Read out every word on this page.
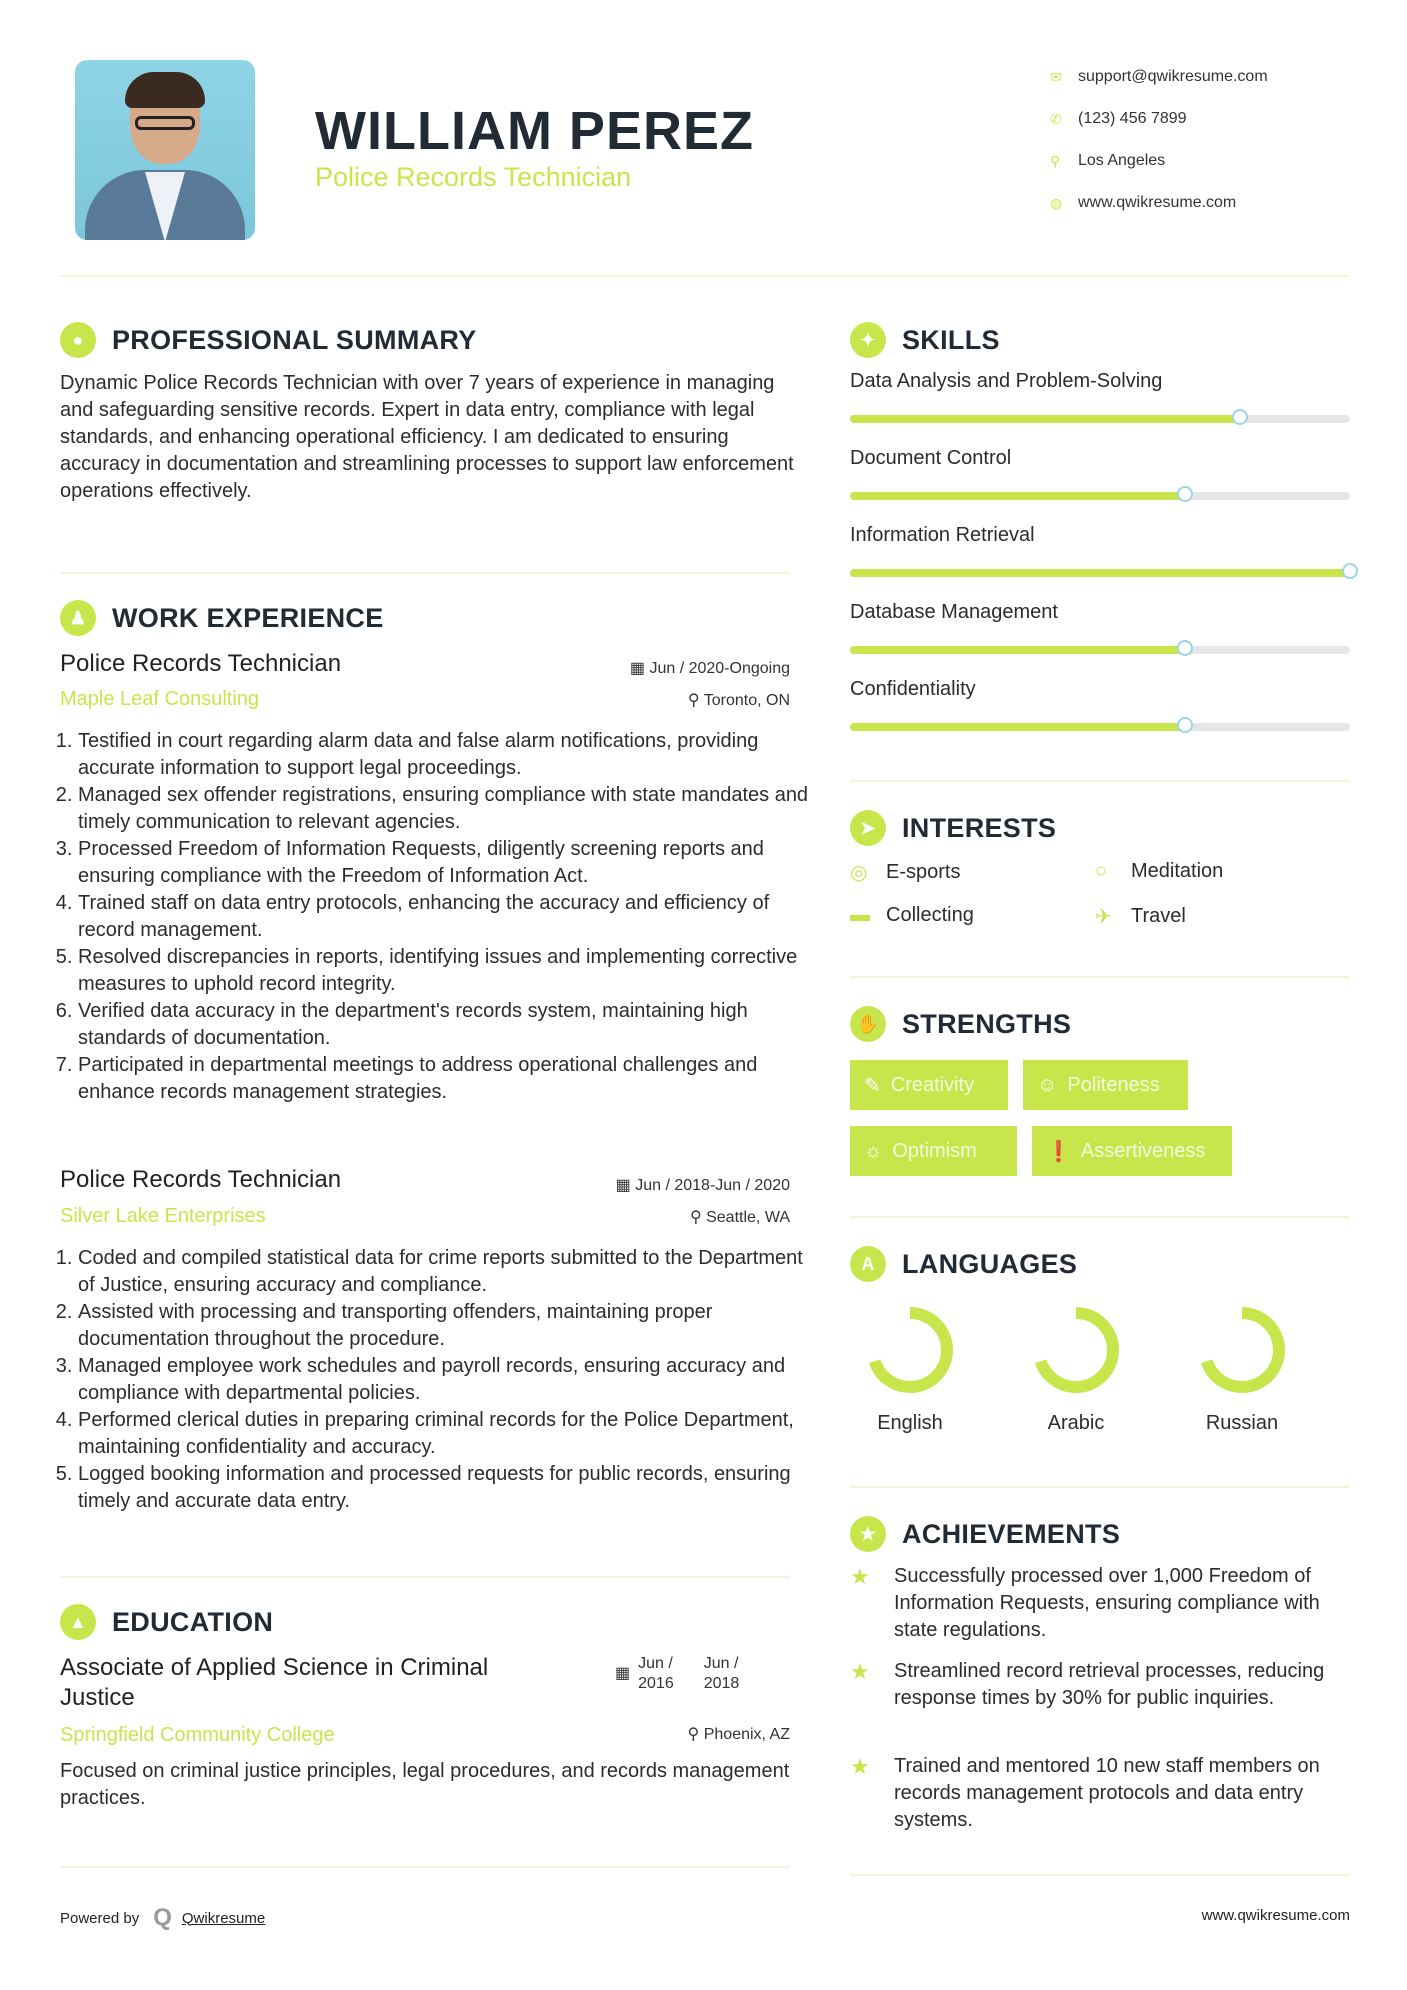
WILLIAM PEREZ
Police Records Technician
✉	support@qwikresume.com
✆	(123) 456 7899
⚲	Los Angeles
◍ www.qwikresume.com
●	PROFESSIONAL SUMMARY
Dynamic Police Records Technician with over 7 years of experience in managing and safeguarding sensitive records. Expert in data entry, compliance with legal standards, and enhancing operational efficiency. I am dedicated to ensuring accuracy in documentation and streamlining processes to support law enforcement operations effectively.
♟ WORK EXPERIENCE
Police Records Technician
Maple Leaf Consulting
▦ Jun / 2020-Ongoing
⚲ Toronto, ON
1. Testified in court regarding alarm data and false alarm notifications, providing accurate information to support legal proceedings.
2. Managed sex offender registrations, ensuring compliance with state mandates and timely communication to relevant agencies.
3. Processed Freedom of Information Requests, diligently screening reports and ensuring compliance with the Freedom of Information Act.
4. Trained staff on data entry protocols, enhancing the accuracy and efficiency of record management.
5. Resolved discrepancies in reports, identifying issues and implementing corrective measures to uphold record integrity.
6. Verified data accuracy in the department's records system, maintaining high standards of documentation.
7. Participated in departmental meetings to address operational challenges and enhance records management strategies.
Police Records Technician
Silver Lake Enterprises
▦ Jun / 2018-Jun / 2020
⚲ Seattle, WA
1. Coded and compiled statistical data for crime reports submitted to the Department of Justice, ensuring accuracy and compliance.
2. Assisted with processing and transporting offenders, maintaining proper documentation throughout the procedure.
3. Managed employee work schedules and payroll records, ensuring accuracy and compliance with departmental policies.
4. Performed clerical duties in preparing criminal records for the Police Department, maintaining confidentiality and accuracy.
5. Logged booking information and processed requests for public records, ensuring timely and accurate data entry.
▲ EDUCATION
Associate of Applied Science in Criminal
Justice
Springfield Community College
▦
Jun /
2016
Jun /
2018
⚲ Phoenix, AZ
Focused on criminal justice principles, legal procedures, and records management practices.
✦ SKILLS
Data Analysis and Problem-Solving
Document Control
Information Retrieval
Database Management
Confidentiality
➤ INTERESTS
◎ E-sports	○	Meditation
▬ Collecting	✈ Travel
✋ STRENGTHS
✎ Creativity	☺ Politeness
☼ Optimism	❗ Assertiveness
A	LANGUAGES
English	Arabic	Russian
★ ACHIEVEMENTS
★	Successfully processed over 1,000 Freedom of Information Requests, ensuring compliance with state regulations.
★	Streamlined record retrieval processes, reducing response times by 30% for public inquiries.
★	Trained and mentored 10 new staff members on records management protocols and data entry systems.
Powered by Q Qwikresume	www.qwikresume.com
